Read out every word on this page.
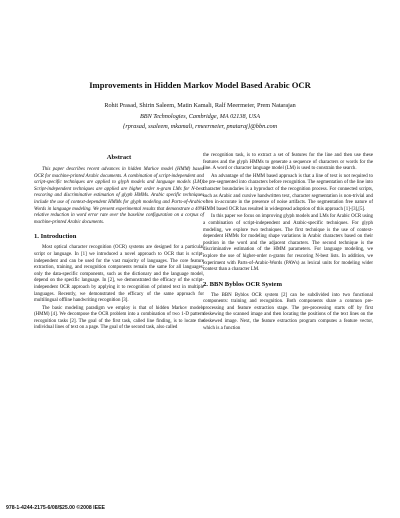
Improvements in Hidden Markov Model Based Arabic OCR
Rohit Prasad, Shirin Saleem, Matin Kamali, Ralf Meermeier, Prem Natarajan
BBN Technologies, Cambridge, MA 02138, USA
{rprasad, ssaleem, mkamali, rmeermeier, pnataraj}@bbn.com
Abstract

This paper describes recent advances in hidden Markov model (HMM) based OCR for machine-printed Arabic documents. A combination of script-independent and script-specific techniques are applied to glyph models and language models (LM). Script-independent techniques are applied are higher order n-gram LMs for N-best rescoring and discriminative estimation of glyph HMMs. Arabic specific techniques include the use of context-dependent HMMs for glyph modeling and Parts-of-Arabic-Words in language modeling. We present experimental results that demonstrate a 40% relative reduction in word error rate over the baseline configuration on a corpus of machine-printed Arabic documents.

1. Introduction

Most optical character recognition (OCR) systems are designed for a particular script or language. In [1] we introduced a novel approach to OCR that is script-independent and can be used for the vast majority of languages. The core feature extraction, training, and recognition components remain the same for all languages; only the data-specific components, such as the dictionary and the language model, depend on the specific language. In [2], we demonstrated the efficacy of the script-independent OCR approach by applying it to recognition of printed text in multiple languages. Recently, we demonstrated the efficacy of the same approach for multilingual offline handwriting recognition [3].

The basic modeling paradigm we employ is that of hidden Markov models (HMM) [4]. We decompose the OCR problem into a combination of two 1-D pattern recognition tasks [2]. The goal of the first task, called line finding, is to locate the individual lines of text on a page. The goal of the second task, also called

the recognition task, is to extract a set of features for the line and then use these features and the glyph HMMs to generate a sequence of characters or words for the line. A word or character language model (LM) is used to constrain the search.

An advantage of the HMM based approach is that a line of text is not required to be pre-segmented into characters before recognition. The segmentation of the line into character boundaries is a byproduct of the recognition process. For connected scripts, such as Arabic and cursive handwritten text, character segmentation is non-trivial and often in-accurate in the presence of noise artifacts. The segmentation free nature of HMM based OCR has resulted in widespread adoption of this approach [1]-[3],[5].

In this paper we focus on improving glyph models and LMs for Arabic OCR using a combination of script-independent and Arabic-specific techniques. For glyph modeling, we explore two techniques. The first technique is the use of context-dependent HMMs for modeling shape variations in Arabic characters based on their position in the word and the adjacent characters. The second technique is the discriminative estimation of the HMM parameters. For language modeling, we explore the use of higher-order n-grams for rescoring N-best lists. In addition, we experiment with Parts-of-Arabic-Words (PAWs) as lexical units for modeling wider context than a character LM.

2. BBN Byblos OCR System

The BBN Byblos OCR system [2] can be subdivided into two functional components: training and recognition. Both components share a common pre-processing and feature extraction stage. The pre-processing starts off by first deskewing the scanned image and then locating the positions of the text lines on the deskewed image. Next, the feature extraction program computes a feature vector, which is a function

978-1-4244-2175-6/08/$25.00 ©2008 IEEE
